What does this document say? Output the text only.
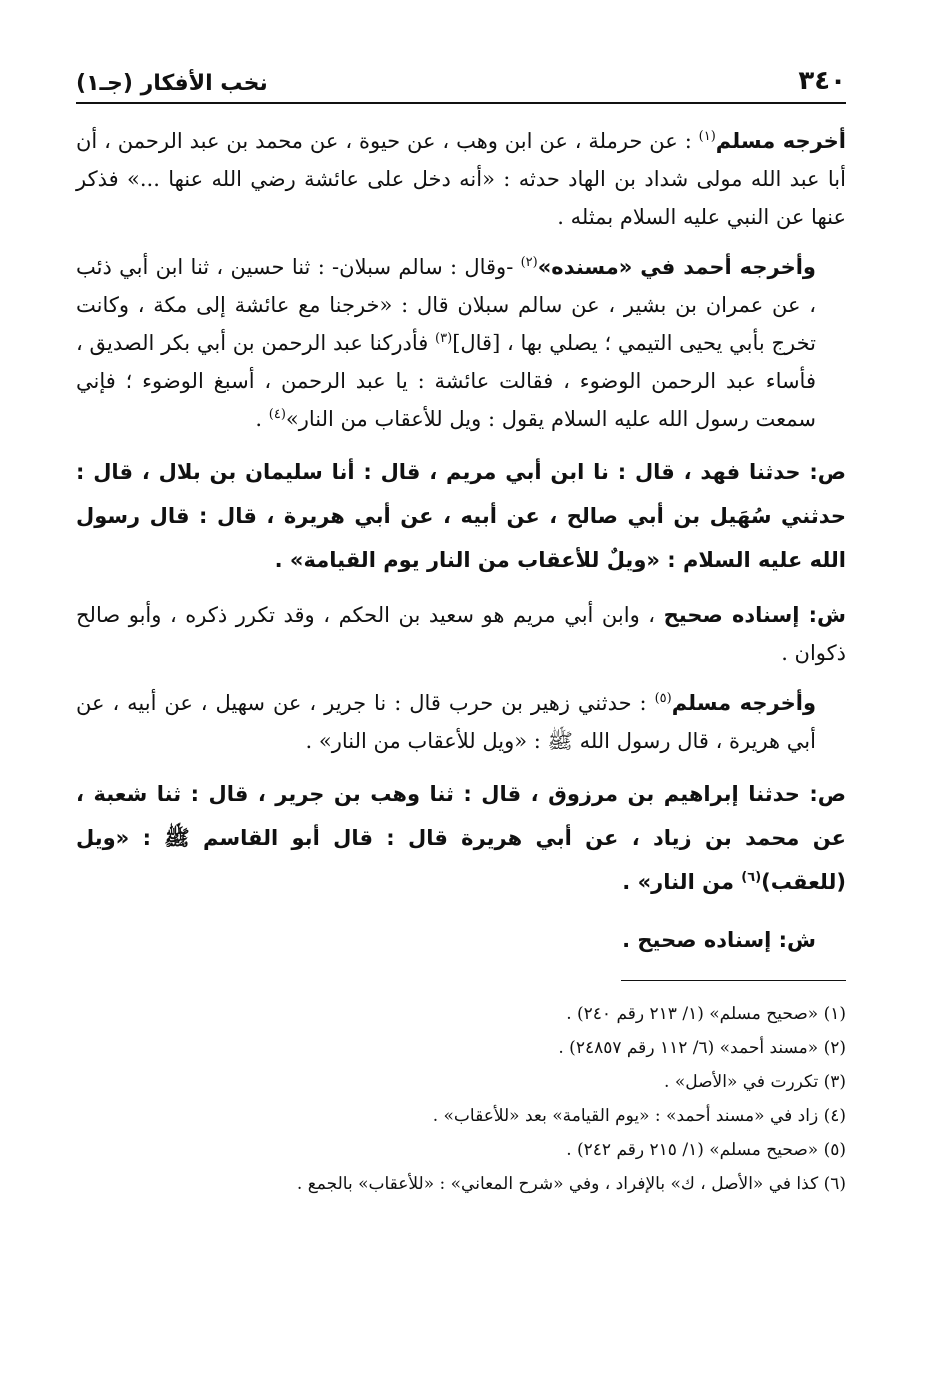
٣٤٠
نخب الأفكار (جـ١)

أخرجه مسلم$^{(١)}$ : عن حرملة ، عن ابن وهب ، عن حيوة ، عن محمد بن عبد الرحمن ، أن أبا عبد الله مولى شداد بن الهاد حدثه : «أنه دخل على عائشة رضي الله عنها ...» فذكر عنها عن النبي عليه السلام بمثله .

وأخرجه أحمد في «مسنده»$^{(٢)}$ -وقال : سالم سبلان- : ثنا حسين ، ثنا ابن أبي ذئب ، عن عمران بن بشير ، عن سالم سبلان قال : «خرجنا مع عائشة إلى مكة ، وكانت تخرج بأبي يحيى التيمي ؛ يصلي بها ، [قال]$^{(٣)}$ فأدركنا عبد الرحمن بن أبي بكر الصديق ، فأساء عبد الرحمن الوضوء ، فقالت عائشة : يا عبد الرحمن ، أسبغ الوضوء ؛ فإني سمعت رسول الله عليه السلام يقول : ويل للأعقاب من النار»$^{(٤)}$ .

ص: حدثنا فهد ، قال : نا ابن أبي مريم ، قال : أنا سليمان بن بلال ، قال : حدثني سُهَيل بن أبي صالح ، عن أبيه ، عن أبي هريرة ، قال : قال رسول الله عليه السلام : «ويلٌ للأعقاب من النار يوم القيامة» .

ش: إسناده صحيح ، وابن أبي مريم هو سعيد بن الحكم ، وقد تكرر ذكره ، وأبو صالح ذكوان .

وأخرجه مسلم$^{(٥)}$ : حدثني زهير بن حرب قال : نا جرير ، عن سهيل ، عن أبيه ، عن أبي هريرة ، قال رسول الله ﷺ : «ويل للأعقاب من النار» .

ص: حدثنا إبراهيم بن مرزوق ، قال : ثنا وهب بن جرير ، قال : ثنا شعبة ، عن محمد بن زياد ، عن أبي هريرة قال : قال أبو القاسم ﷺ : «ويل (للعقب)$^{(٦)}$ من النار» .

ش: إسناده صحيح .

(١) «صحيح مسلم» (١/ ٢١٣ رقم ٢٤٠) .

(٢) «مسند أحمد» (٦/ ١١٢ رقم ٢٤٨٥٧) .

(٣) تكررت في «الأصل» .

(٤) زاد في «مسند أحمد» : «يوم القيامة» بعد «للأعقاب» .

(٥) «صحيح مسلم» (١/ ٢١٥ رقم ٢٤٢) .

(٦) كذا في «الأصل ، ك» بالإفراد ، وفي «شرح المعاني» : «للأعقاب» بالجمع .
